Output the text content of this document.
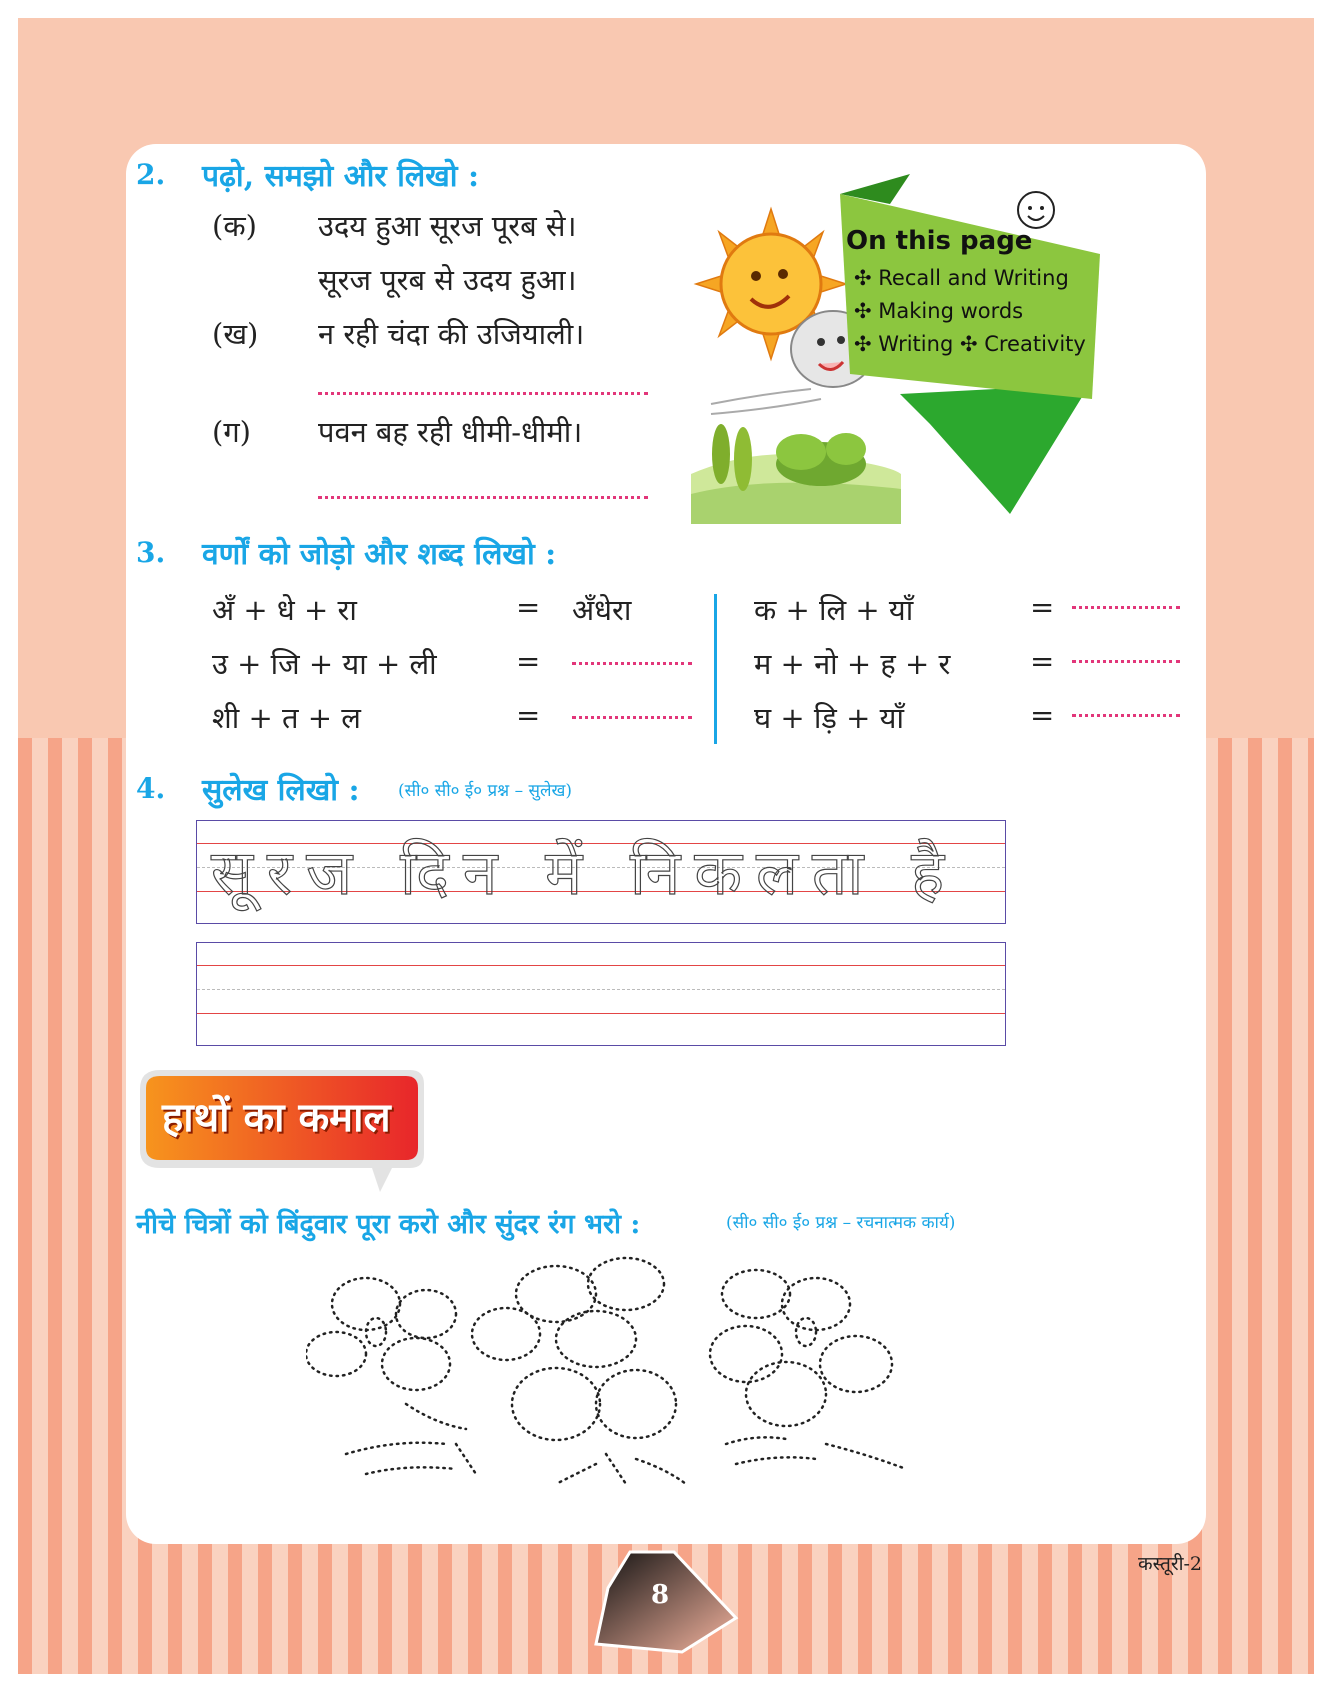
2. पढ़ो, समझो और लिखो :
(क) उदय हुआ सूरज पूरब से।
सूरज पूरब से उदय हुआ।
(ख) न रही चंदा की उजियाली।
(ग) पवन बह रही धीमी-धीमी।
On this page
✣ Recall and Writing
✣ Making words
✣ Writing ✣ Creativity
3. वर्णों को जोड़ो और शब्द लिखो :
अँ + धे + रा	= अँधेरा
उ + जि + या + ली	=
शी + त + ल	=
क + लि + याँ	=
म + नो + ह + र	=
घ + ड़ि + याँ	=
4. सुलेख लिखो : (सी० सी० ई० प्रश्न – सुलेख)
सूरज दिन में निकलता है
हाथों का कमाल
नीचे चित्रों को बिंदुवार पूरा करो और सुंदर रंग भरो :	(सी० सी० ई० प्रश्न – रचनात्मक कार्य)
8
कस्तूरी-2
